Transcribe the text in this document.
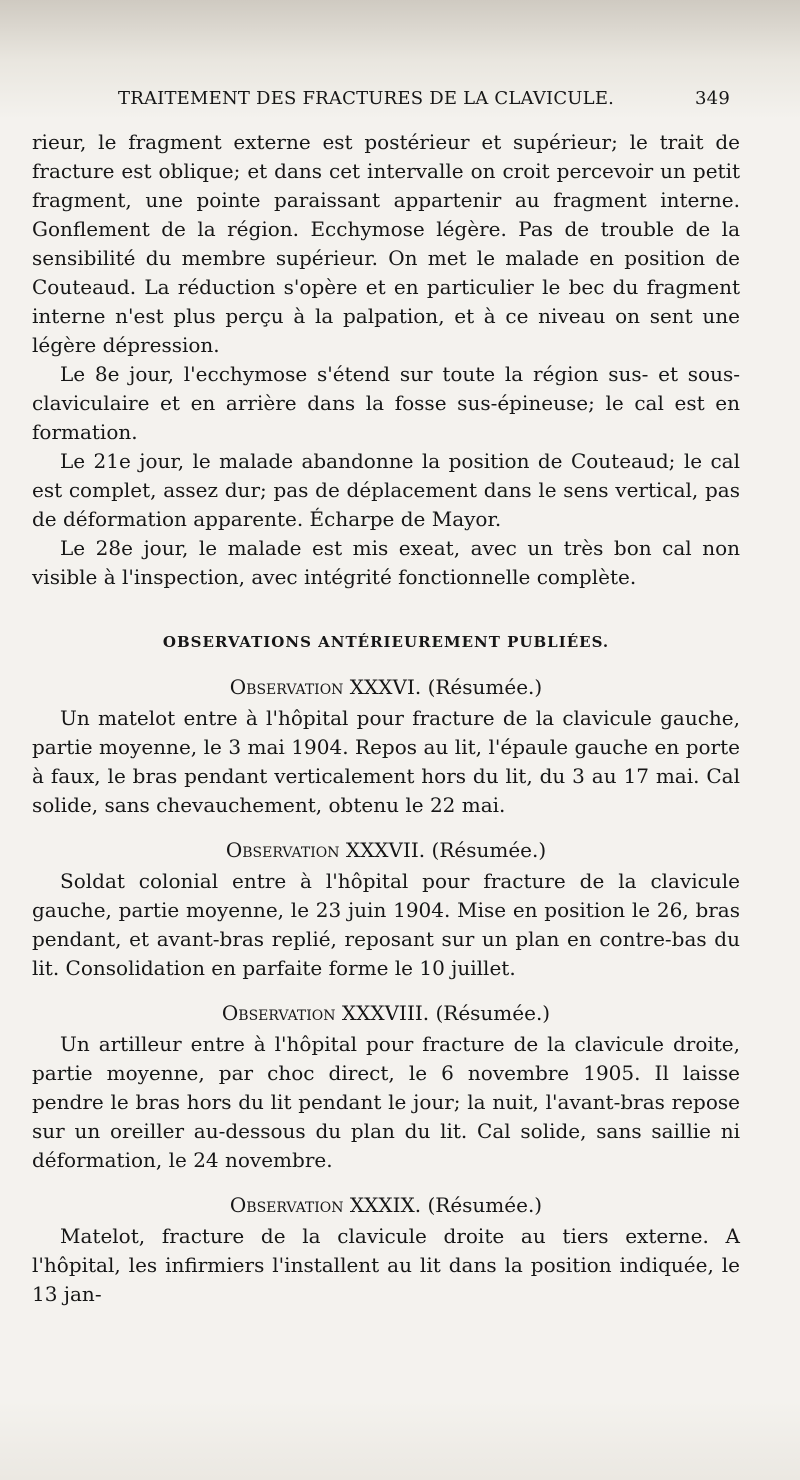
TRAITEMENT DES FRACTURES DE LA CLAVICULE.	349

rieur, le fragment externe est postérieur et supérieur; le trait de fracture est oblique; et dans cet intervalle on croit percevoir un petit fragment, une pointe paraissant appartenir au fragment interne. Gonflement de la région. Ecchymose légère. Pas de trouble de la sensibilité du membre supérieur. On met le malade en position de Couteaud. La réduction s'opère et en particulier le bec du fragment interne n'est plus perçu à la palpation, et à ce niveau on sent une légère dépression.

Le 8e jour, l'ecchymose s'étend sur toute la région sus- et sous-claviculaire et en arrière dans la fosse sus-épineuse; le cal est en formation.

Le 21e jour, le malade abandonne la position de Couteaud; le cal est complet, assez dur; pas de déplacement dans le sens vertical, pas de déformation apparente. Écharpe de Mayor.

Le 28e jour, le malade est mis exeat, avec un très bon cal non visible à l'inspection, avec intégrité fonctionnelle complète.

OBSERVATIONS ANTÉRIEUREMENT PUBLIÉES.
Observation XXXVI. (Résumée.)

Un matelot entre à l'hôpital pour fracture de la clavicule gauche, partie moyenne, le 3 mai 1904. Repos au lit, l'épaule gauche en porte à faux, le bras pendant verticalement hors du lit, du 3 au 17 mai. Cal solide, sans chevauchement, obtenu le 22 mai.

Observation XXXVII. (Résumée.)

Soldat colonial entre à l'hôpital pour fracture de la clavicule gauche, partie moyenne, le 23 juin 1904. Mise en position le 26, bras pendant, et avant-bras replié, reposant sur un plan en contre-bas du lit. Consolidation en parfaite forme le 10 juillet.

Observation XXXVIII. (Résumée.)

Un artilleur entre à l'hôpital pour fracture de la clavicule droite, partie moyenne, par choc direct, le 6 novembre 1905. Il laisse pendre le bras hors du lit pendant le jour; la nuit, l'avant-bras repose sur un oreiller au-dessous du plan du lit. Cal solide, sans saillie ni déformation, le 24 novembre.

Observation XXXIX. (Résumée.)

Matelot, fracture de la clavicule droite au tiers externe. A l'hôpital, les infirmiers l'installent au lit dans la position indiquée, le 13 jan-
